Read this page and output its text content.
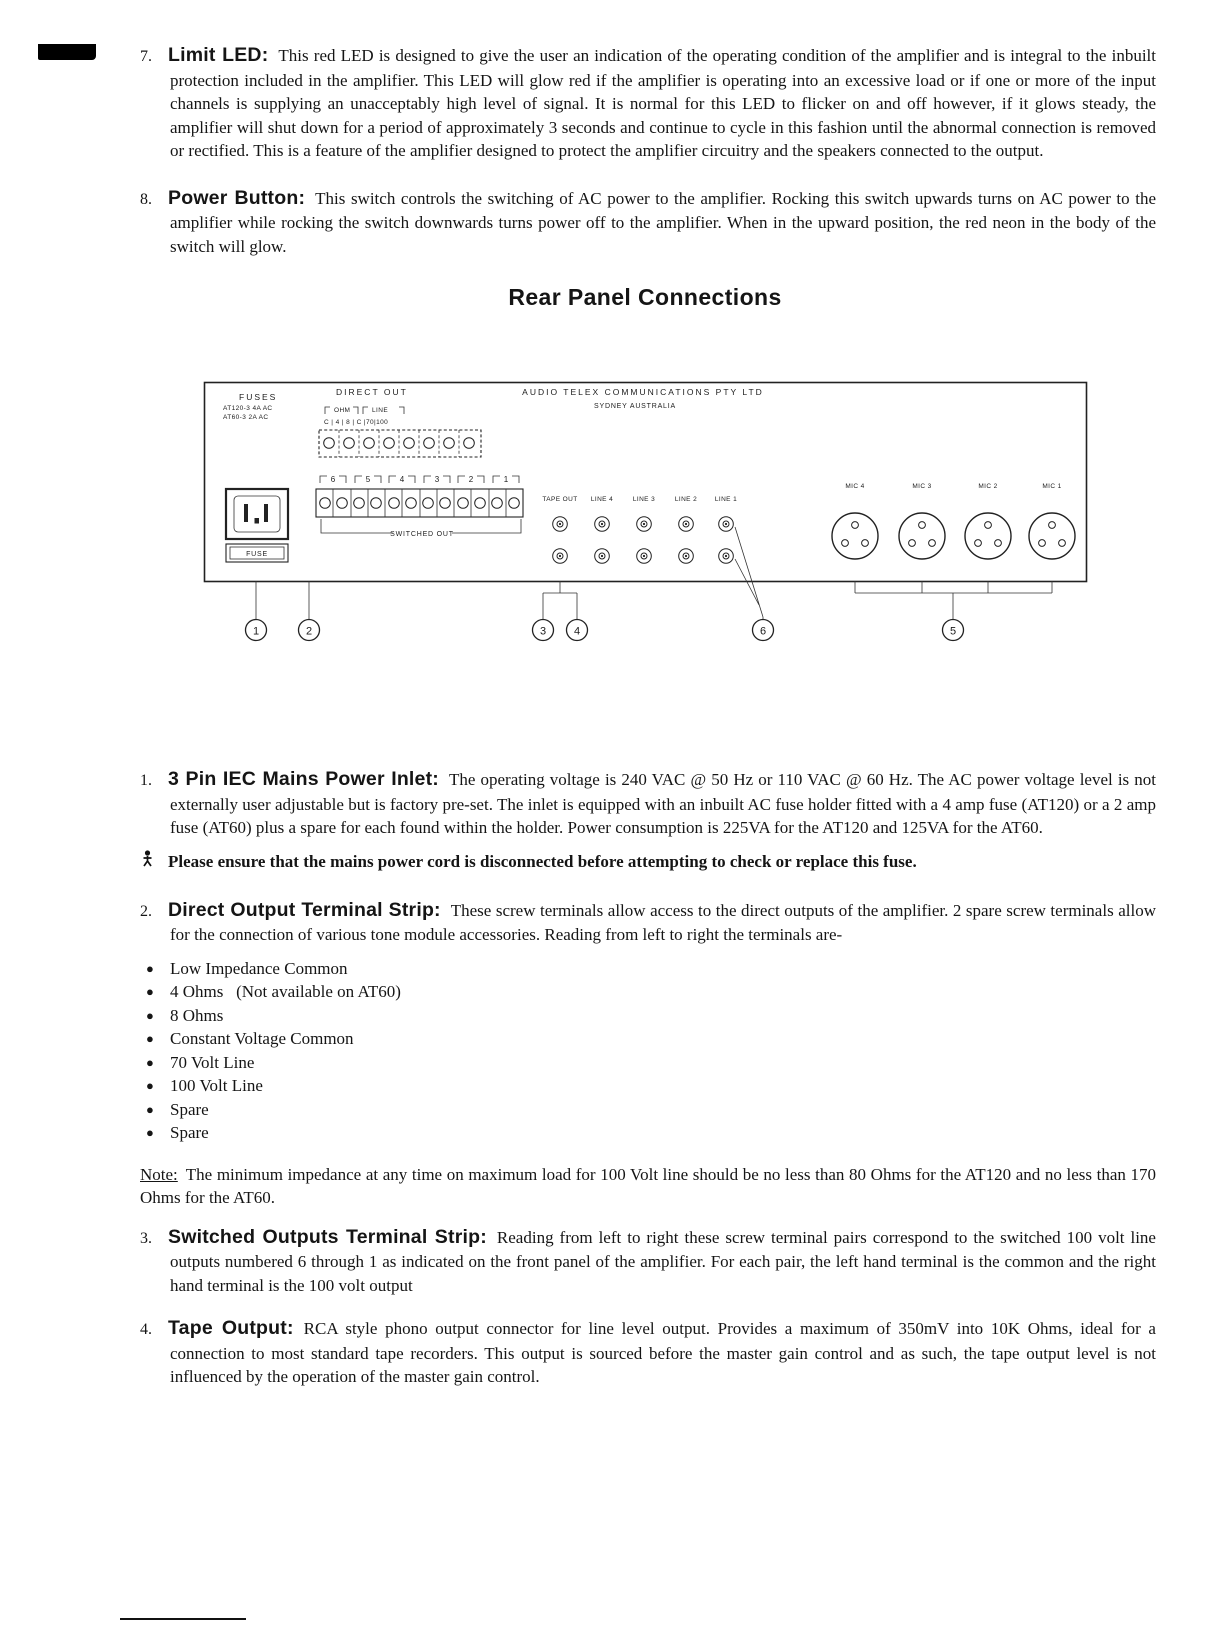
7. Limit LED: This red LED is designed to give the user an indication of the operating condition of the amplifier and is integral to the inbuilt protection included in the amplifier. This LED will glow red if the amplifier is operating into an excessive load or if one or more of the input channels is supplying an unacceptably high level of signal. It is normal for this LED to flicker on and off however, if it glows steady, the amplifier will shut down for a period of approximately 3 seconds and continue to cycle in this fashion until the abnormal connection is removed or rectified. This is a feature of the amplifier designed to protect the amplifier circuitry and the speakers connected to the output.

8. Power Button: This switch controls the switching of AC power to the amplifier. Rocking this switch upwards turns on AC power to the amplifier while rocking the switch downwards turns power off to the amplifier. When in the upward position, the red neon in the body of the switch will glow.

Rear Panel Connections
FUSES
AT120-3 4A AC
AT60-3 2A AC
DIRECT OUT
OHM	LINE
C | 4 | 8 | C |70|100
AUDIO TELEX COMMUNICATIONS PTY LTD
SYDNEY AUSTRALIA
6	5	4	3	2	1
SWITCHED OUT
FUSE
TAPE OUT LINE 4	LINE 3	LINE 2	LINE 1
MIC 4	MIC 3	MIC 2	MIC 1
1	2	3	4	6	5

1. 3 Pin IEC Mains Power Inlet: The operating voltage is 240 VAC @ 50 Hz or 110 VAC @ 60 Hz. The AC power voltage level is not externally user adjustable but is factory pre-set. The inlet is equipped with an inbuilt AC fuse holder fitted with a 4 amp fuse (AT120) or a 2 amp fuse (AT60) plus a spare for each found within the holder. Power consumption is 225VA for the AT120 and 125VA for the AT60.

Please ensure that the mains power cord is disconnected before attempting to check or replace this fuse.

2. Direct Output Terminal Strip: These screw terminals allow access to the direct outputs of the amplifier. 2 spare screw terminals allow for the connection of various tone module accessories. Reading from left to right the terminals are-

● Low Impedance Common
● 4 Ohms   (Not available on AT60)
● 8 Ohms
● Constant Voltage Common
● 70 Volt Line
● 100 Volt Line
● Spare
● Spare

Note: The minimum impedance at any time on maximum load for 100 Volt line should be no less than 80 Ohms for the AT120 and no less than 170 Ohms for the AT60.

3. Switched Outputs Terminal Strip: Reading from left to right these screw terminal pairs correspond to the switched 100 volt line outputs numbered 6 through 1 as indicated on the front panel of the amplifier. For each pair, the left hand terminal is the common and the right hand terminal is the 100 volt output

4. Tape Output: RCA style phono output connector for line level output. Provides a maximum of 350mV into 10K Ohms, ideal for a connection to most standard tape recorders. This output is sourced before the master gain control and as such, the tape output level is not influenced by the operation of the master gain control.
